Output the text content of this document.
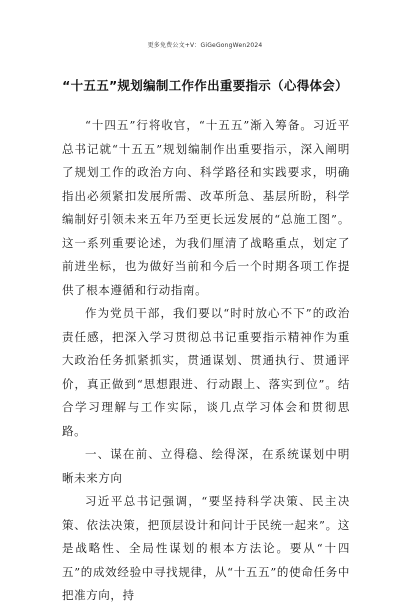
更多免费公文+V：GiGeGongWen2024
“十五五”规划编制工作作出重要指示（心得体会）

“十四五”行将收官，“十五五”渐入筹备。习近平总书记就“十五五”规划编制作出重要指示，深入阐明了规划工作的政治方向、科学路径和实践要求，明确指出必须紧扣发展所需、改革所急、基层所盼，科学编制好引领未来五年乃至更长远发展的“总施工图”。这一系列重要论述，为我们厘清了战略重点，划定了前进坐标，也为做好当前和今后一个时期各项工作提供了根本遵循和行动指南。

作为党员干部，我们要以“时时放心不下”的政治责任感，把深入学习贯彻总书记重要指示精神作为重大政治任务抓紧抓实，贯通谋划、贯通执行、贯通评价，真正做到“思想跟进、行动跟上、落实到位”。结合学习理解与工作实际，谈几点学习体会和贯彻思路。

一、谋在前、立得稳、绘得深，在系统谋划中明晰未来方向

习近平总书记强调，“要坚持科学决策、民主决策、依法决策，把顶层设计和问计于民统一起来”。这是战略性、全局性谋划的根本方法论。要从“十四五”的成效经验中寻找规律，从“十五五”的使命任务中把准方向，持
